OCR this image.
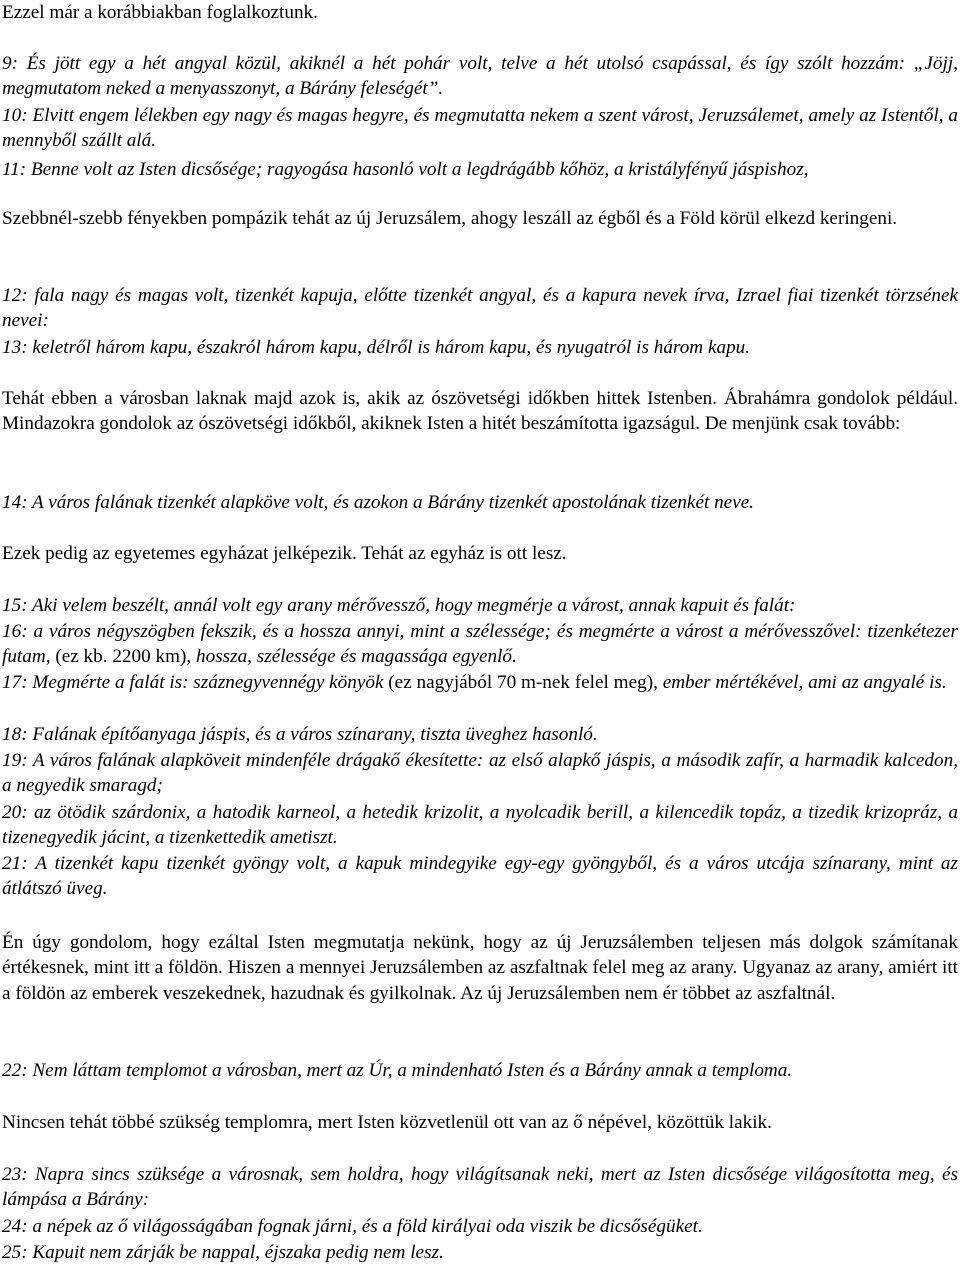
Ezzel már a korábbiakban foglalkoztunk.

9: És jött egy a hét angyal közül, akiknél a hét pohár volt, telve a hét utolsó csapással, és így szólt hozzám: „Jöjj, megmutatom neked a menyasszonyt, a Bárány feleségét”.

10: Elvitt engem lélekben egy nagy és magas hegyre, és megmutatta nekem a szent várost, Jeruzsálemet, amely az Istentől, a mennyből szállt alá.

11: Benne volt az Isten dicsősége; ragyogása hasonló volt a legdrágább kőhöz, a kristályfényű jáspishoz,

Szebbnél-szebb fényekben pompázik tehát az új Jeruzsálem, ahogy leszáll az égből és a Föld körül elkezd keringeni.

12: fala nagy és magas volt, tizenkét kapuja, előtte tizenkét angyal, és a kapura nevek írva, Izrael fiai tizenkét törzsének nevei:

13: keletről három kapu, északról három kapu, délről is három kapu, és nyugatról is három kapu.

Tehát ebben a városban laknak majd azok is, akik az ószövetségi időkben hittek Istenben. Ábrahámra gondolok például. Mindazokra gondolok az ószövetségi időkből, akiknek Isten a hitét beszámította igazságul. De menjünk csak tovább:

14: A város falának tizenkét alapköve volt, és azokon a Bárány tizenkét apostolának tizenkét neve.

Ezek pedig az egyetemes egyházat jelképezik. Tehát az egyház is ott lesz.

15: Aki velem beszélt, annál volt egy arany mérővessző, hogy megmérje a várost, annak kapuit és falát:

16: a város négyszögben fekszik, és a hossza annyi, mint a szélessége; és megmérte a várost a mérővesszővel: tizenkétezer futam, (ez kb. 2200 km), hossza, szélessége és magassága egyenlő.

17: Megmérte a falát is: száznegyvennégy könyök (ez nagyjából 70 m-nek felel meg), ember mértékével, ami az angyalé is.

18: Falának építőanyaga jáspis, és a város színarany, tiszta üveghez hasonló.

19: A város falának alapköveit mindenféle drágakő ékesítette: az első alapkő jáspis, a második zafír, a harmadik kalcedon, a negyedik smaragd;

20: az ötödik szárdonix, a hatodik karneol, a hetedik krizolit, a nyolcadik berill, a kilencedik topáz, a tizedik krizopráz, a tizenegyedik jácint, a tizenkettedik ametiszt.

21: A tizenkét kapu tizenkét gyöngy volt, a kapuk mindegyike egy-egy gyöngyből, és a város utcája színarany, mint az átlátszó üveg.

Én úgy gondolom, hogy ezáltal Isten megmutatja nekünk, hogy az új Jeruzsálemben teljesen más dolgok számítanak értékesnek, mint itt a földön. Hiszen a mennyei Jeruzsálemben az aszfaltnak felel meg az arany. Ugyanaz az arany, amiért itt a földön az emberek veszekednek, hazudnak és gyilkolnak. Az új Jeruzsálemben nem ér többet az aszfaltnál.

22: Nem láttam templomot a városban, mert az Úr, a mindenható Isten és a Bárány annak a temploma.

Nincsen tehát többé szükség templomra, mert Isten közvetlenül ott van az ő népével, közöttük lakik.

23: Napra sincs szüksége a városnak, sem holdra, hogy világítsanak neki, mert az Isten dicsősége világosította meg, és lámpása a Bárány:

24: a népek az ő világosságában fognak járni, és a föld királyai oda viszik be dicsőségüket.

25: Kapuit nem zárják be nappal, éjszaka pedig nem lesz.
